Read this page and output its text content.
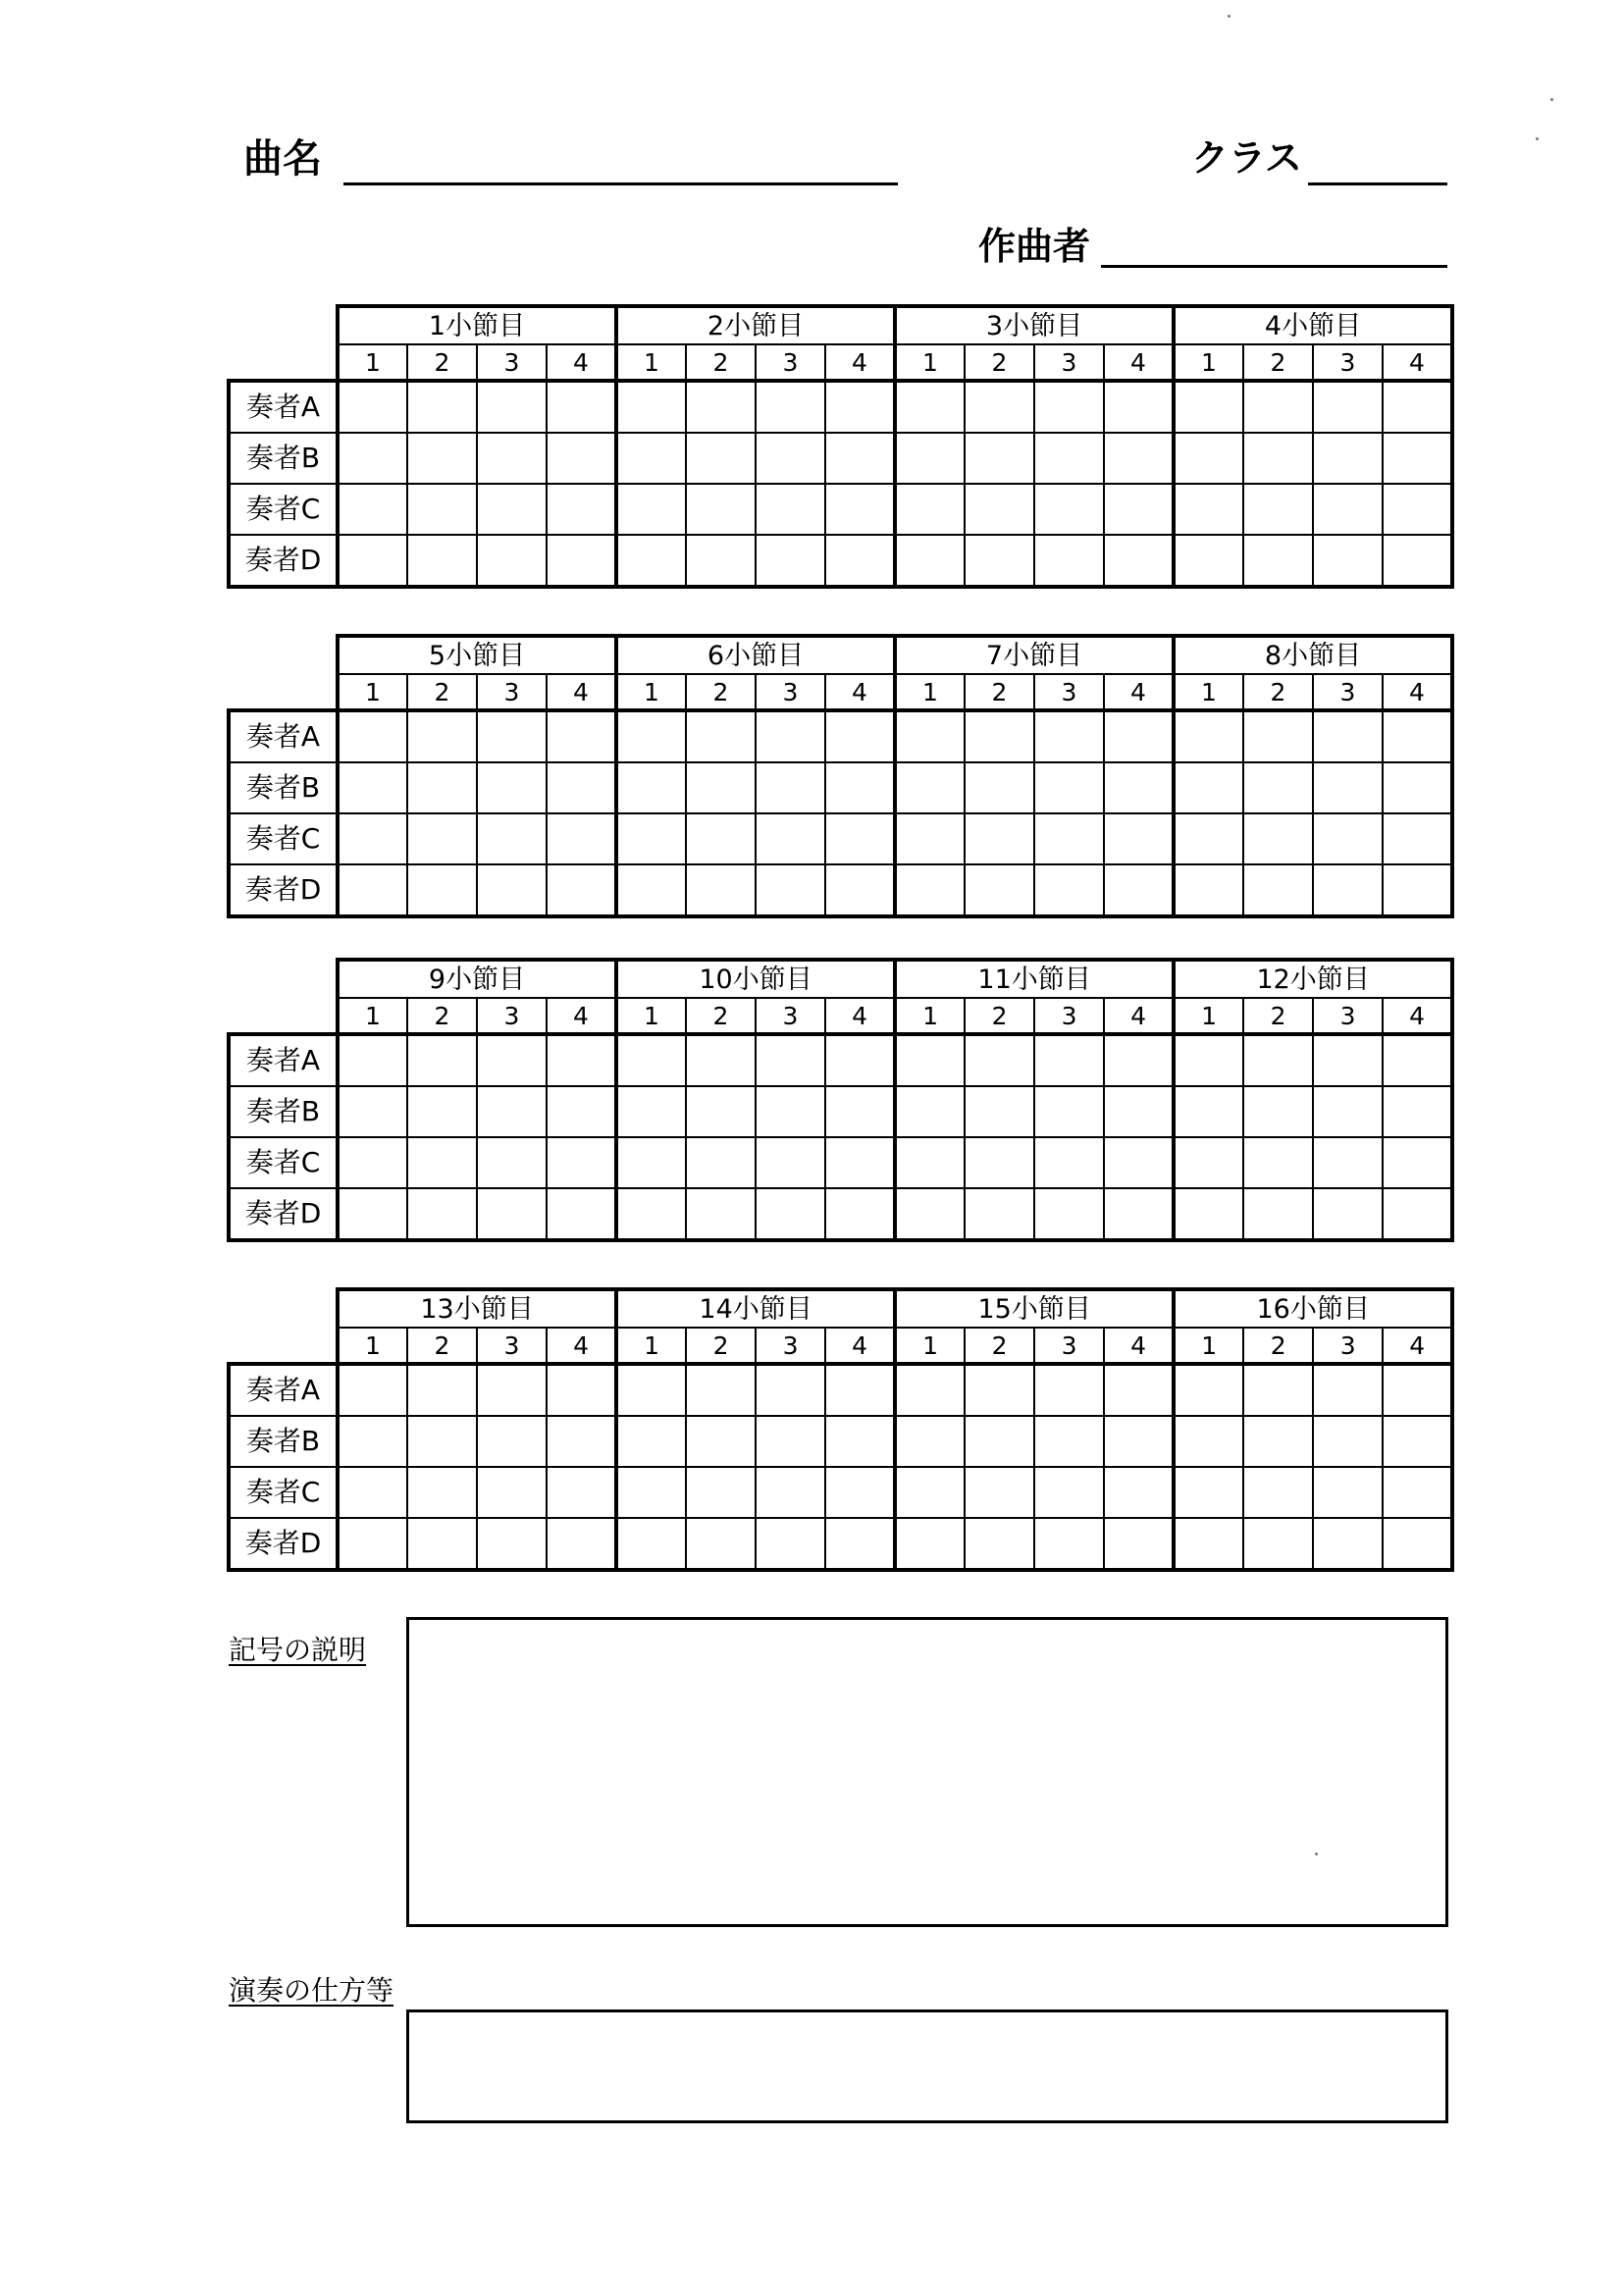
曲名	クラス
作曲者
	1小節目				2小節目				3小節目				4小節目			
	1	2	3	4	1	2	3	4	1	2	3	4	1	2	3	4
奏者A																
奏者B																
奏者C																
奏者D																
	5小節目				6小節目				7小節目				8小節目			
	1	2	3	4	1	2	3	4	1	2	3	4	1	2	3	4
奏者A																
奏者B																
奏者C																
奏者D																
	9小節目				10小節目				11小節目				12小節目			
	1	2	3	4	1	2	3	4	1	2	3	4	1	2	3	4
奏者A																
奏者B																
奏者C																
奏者D																
	13小節目				14小節目				15小節目				16小節目			
	1	2	3	4	1	2	3	4	1	2	3	4	1	2	3	4
奏者A																
奏者B																
奏者C																
奏者D																
記号の説明
演奏の仕方等
